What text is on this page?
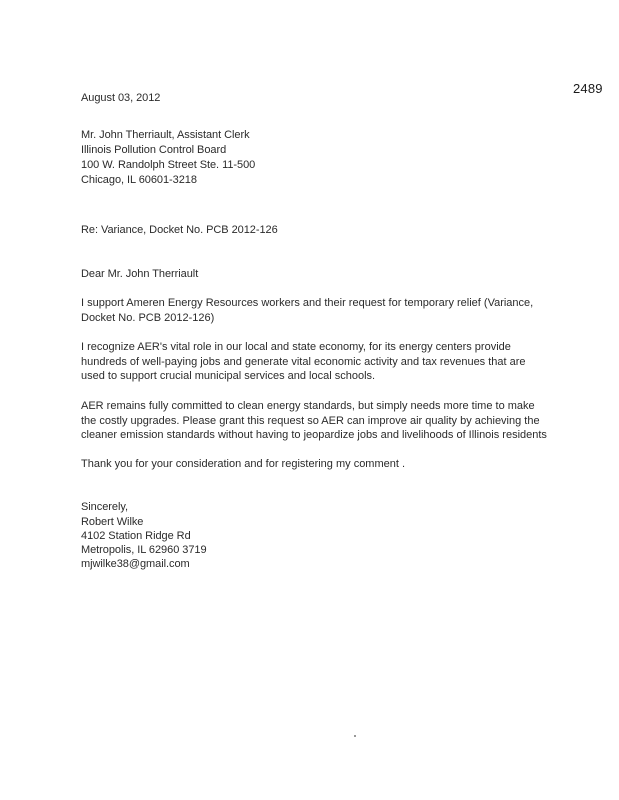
2489
August 03, 2012
Mr. John Therriault, Assistant Clerk
Illinois Pollution Control Board
100 W. Randolph Street Ste. 11-500
Chicago, IL 60601-3218
Re: Variance, Docket No. PCB 2012-126
Dear Mr. John Therriault
I support Ameren Energy Resources workers and their request for temporary relief (Variance,
Docket No. PCB 2012-126)
I recognize AER's vital role in our local and state economy, for its energy centers provide
hundreds of well-paying jobs and generate vital economic activity and tax revenues that are
used to support crucial municipal services and local schools.
AER remains fully committed to clean energy standards, but simply needs more time to make
the costly upgrades. Please grant this request so AER can improve air quality by achieving the
cleaner emission standards without having to jeopardize jobs and livelihoods of Illinois residents
Thank you for your consideration and for registering my comment .
Sincerely,
Robert Wilke
4102 Station Ridge Rd
Metropolis, IL 62960 3719
mjwilke38@gmail.com
